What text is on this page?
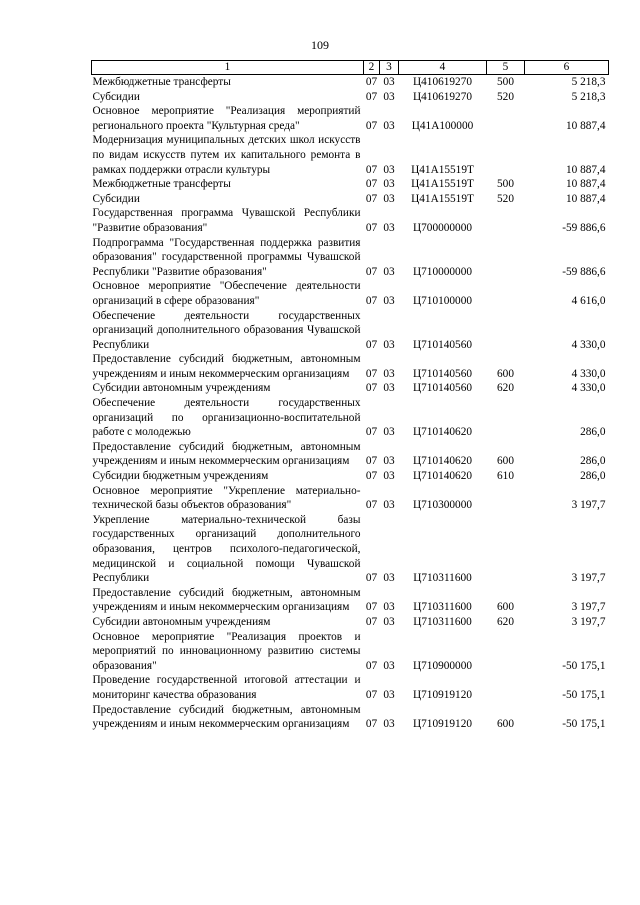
109
1	2	3	4	5	6
Межбюджетные трансферты	07	03	Ц410619270	500	5 218,3
Субсидии	07	03	Ц410619270	520	5 218,3
Основное мероприятие "Реализация мероприятий регионального проекта "Культурная среда"	07	03	Ц41А100000		10 887,4
Модернизация муниципальных детских школ искусств по видам искусств путем их капитального ремонта в рамках поддержки отрасли культуры	07	03	Ц41А15519Т		10 887,4
Межбюджетные трансферты	07	03	Ц41А15519Т	500	10 887,4
Субсидии	07	03	Ц41А15519Т	520	10 887,4
Государственная программа Чувашской Республики "Развитие образования"	07	03	Ц700000000		-59 886,6
Подпрограмма "Государственная поддержка развития образования" государственной программы Чувашской Республики "Развитие образования"	07	03	Ц710000000		-59 886,6
Основное мероприятие "Обеспечение деятельности организаций в сфере образования"	07	03	Ц710100000		4 616,0
Обеспечение деятельности государственных организаций дополнительного образования Чувашской Республики	07	03	Ц710140560		4 330,0
Предоставление субсидий бюджетным, автономным учреждениям и иным некоммерческим организациям	07	03	Ц710140560	600	4 330,0
Субсидии автономным учреждениям	07	03	Ц710140560	620	4 330,0
Обеспечение деятельности государственных организаций по организационно-воспитательной работе с молодежью	07	03	Ц710140620		286,0
Предоставление субсидий бюджетным, автономным учреждениям и иным некоммерческим организациям	07	03	Ц710140620	600	286,0
Субсидии бюджетным учреждениям	07	03	Ц710140620	610	286,0
Основное мероприятие "Укрепление материально-технической базы объектов образования"	07	03	Ц710300000		3 197,7
Укрепление материально-технической базы государственных организаций дополнительного образования, центров психолого-педагогической, медицинской и социальной помощи Чувашской Республики	07	03	Ц710311600		3 197,7
Предоставление субсидий бюджетным, автономным учреждениям и иным некоммерческим организациям	07	03	Ц710311600	600	3 197,7
Субсидии автономным учреждениям	07	03	Ц710311600	620	3 197,7
Основное мероприятие "Реализация проектов и мероприятий по инновационному развитию системы образования"	07	03	Ц710900000		-50 175,1
Проведение государственной итоговой аттестации и мониторинг качества образования	07	03	Ц710919120		-50 175,1
Предоставление субсидий бюджетным, автономным учреждениям и иным некоммерческим организациям	07	03	Ц710919120	600	-50 175,1
